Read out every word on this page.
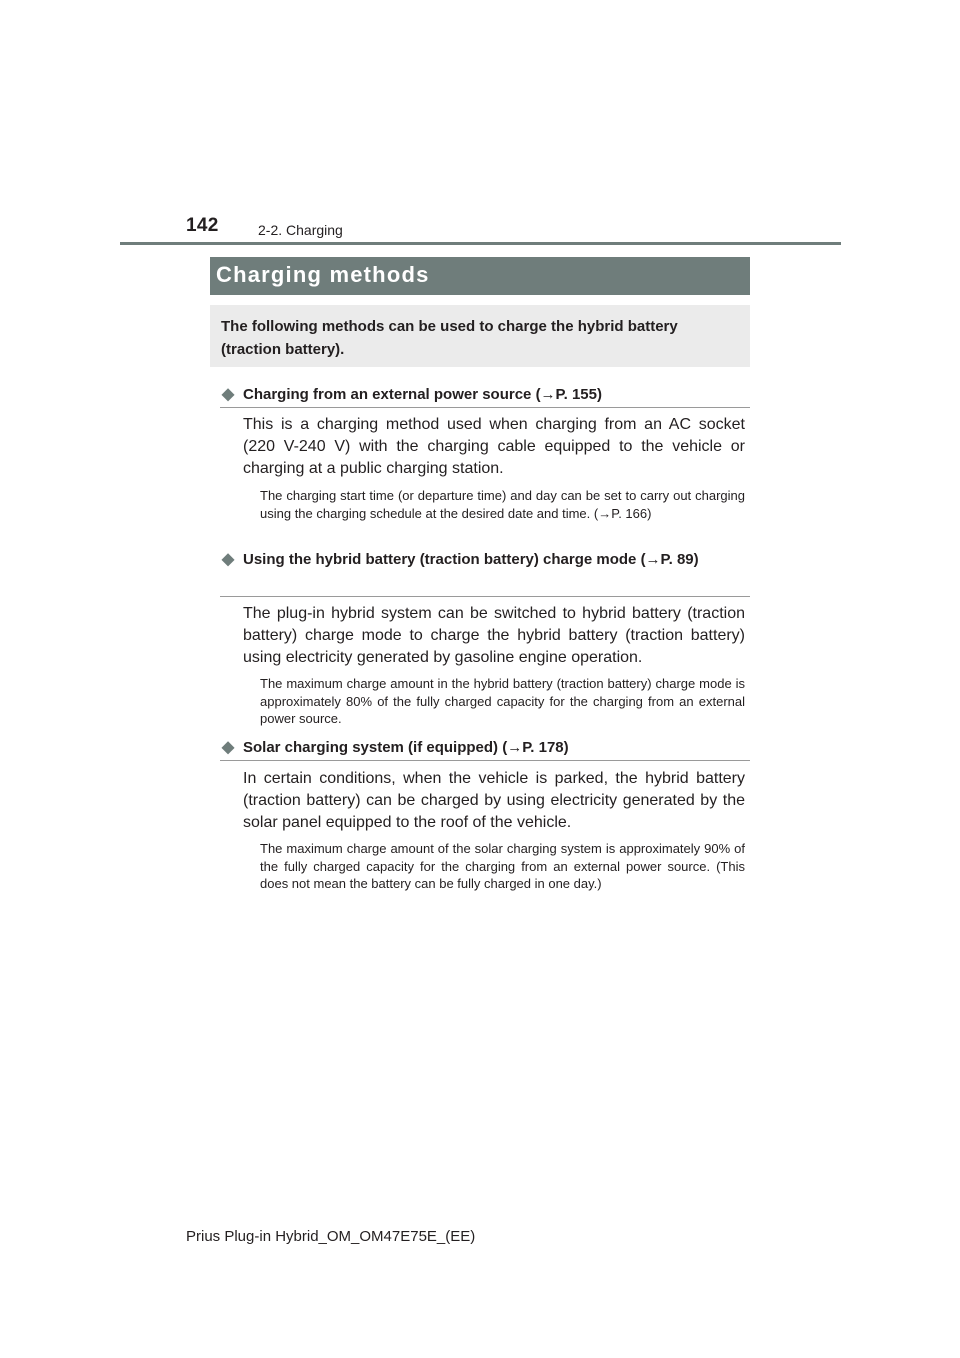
142	2-2. Charging
Charging methods
The following methods can be used to charge the hybrid battery (traction battery).
◆ Charging from an external power source (→P. 155)
This is a charging method used when charging from an AC socket (220 V-240 V) with the charging cable equipped to the vehicle or charging at a public charging station.
The charging start time (or departure time) and day can be set to carry out charging using the charging schedule at the desired date and time. (→P. 166)
◆ Using the hybrid battery (traction battery) charge mode (→P. 89)
The plug-in hybrid system can be switched to hybrid battery (traction battery) charge mode to charge the hybrid battery (traction battery) using electricity generated by gasoline engine operation.
The maximum charge amount in the hybrid battery (traction battery) charge mode is approximately 80% of the fully charged capacity for the charging from an external power source.
◆ Solar charging system (if equipped) (→P. 178)
In certain conditions, when the vehicle is parked, the hybrid battery (traction battery) can be charged by using electricity generated by the solar panel equipped to the roof of the vehicle.
The maximum charge amount of the solar charging system is approximately 90% of the fully charged capacity for the charging from an external power source. (This does not mean the battery can be fully charged in one day.)
Prius Plug-in Hybrid_OM_OM47E75E_(EE)
